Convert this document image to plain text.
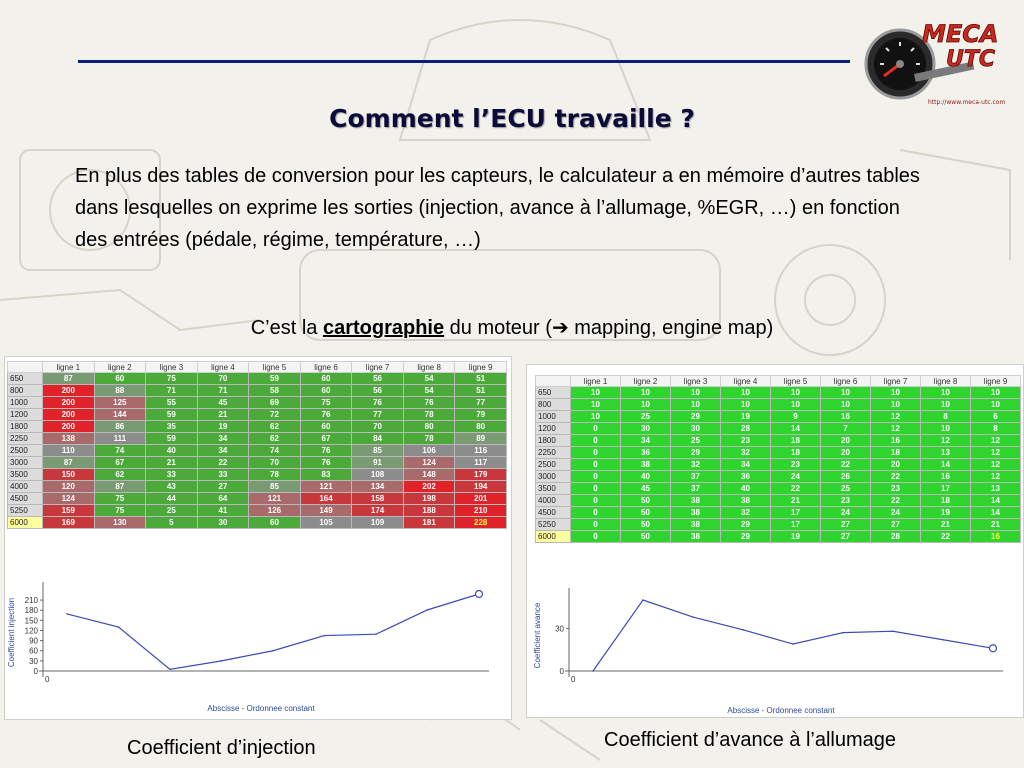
MECA
UTC
http://www.meca-utc.com
Comment l’ECU travaille ?

En plus des tables de conversion pour les capteurs, le calculateur a en mémoire d’autres tables dans lesquelles on exprime les sorties (injection, avance à l’allumage, %EGR, …) en fonction des entrées (pédale, régime, température, …)

C’est la cartographie du moteur (➔ mapping, engine map)
	ligne 1	ligne 2	ligne 3	ligne 4	ligne 5	ligne 6	ligne 7	ligne 8	ligne 9
650	87	60	75	70	59	60	56	54	51
800	200	88	71	71	58	60	56	54	51
1000	200	125	55	45	69	75	76	76	77
1200	200	144	59	21	72	76	77	78	79
1800	200	86	35	19	62	60	70	80	80
2250	138	111	59	34	62	67	84	78	89
2500	110	74	40	34	74	76	85	106	116
3000	87	67	21	22	70	76	91	124	117
3500	150	62	33	33	78	83	108	148	179
4000	120	87	43	27	85	121	134	202	194
4500	124	75	44	64	121	164	158	198	201
5250	159	75	25	41	126	149	174	188	210
6000	169	130	5	30	60	105	109	181	228
210
180
150
120
90
60
30
0
0
Coefficient injection
Abscisse - Ordonnee constant
	ligne 1	ligne 2	ligne 3	ligne 4	ligne 5	ligne 6	ligne 7	ligne 8	ligne 9
650	10	10	10	10	10	10	10	10	10
800	10	10	10	10	10	10	10	10	10
1000	10	25	29	19	9	16	12	8	6
1200	0	30	30	28	14	7	12	10	8
1800	0	34	25	23	18	20	16	12	12
2250	0	36	29	32	18	20	18	13	12
2500	0	38	32	34	23	22	20	14	12
3000	0	40	37	36	24	26	22	16	12
3500	0	45	37	40	22	25	23	17	13
4000	0	50	38	38	21	23	22	18	14
4500	0	50	38	32	17	24	24	19	14
5250	0	50	38	29	17	27	27	21	21
6000	0	50	38	29	19	27	28	22	16
30
0
0
Coefficient avance
Abscisse - Ordonnee constant
Coefficient d’injection	Coefficient d’avance à l’allumage
